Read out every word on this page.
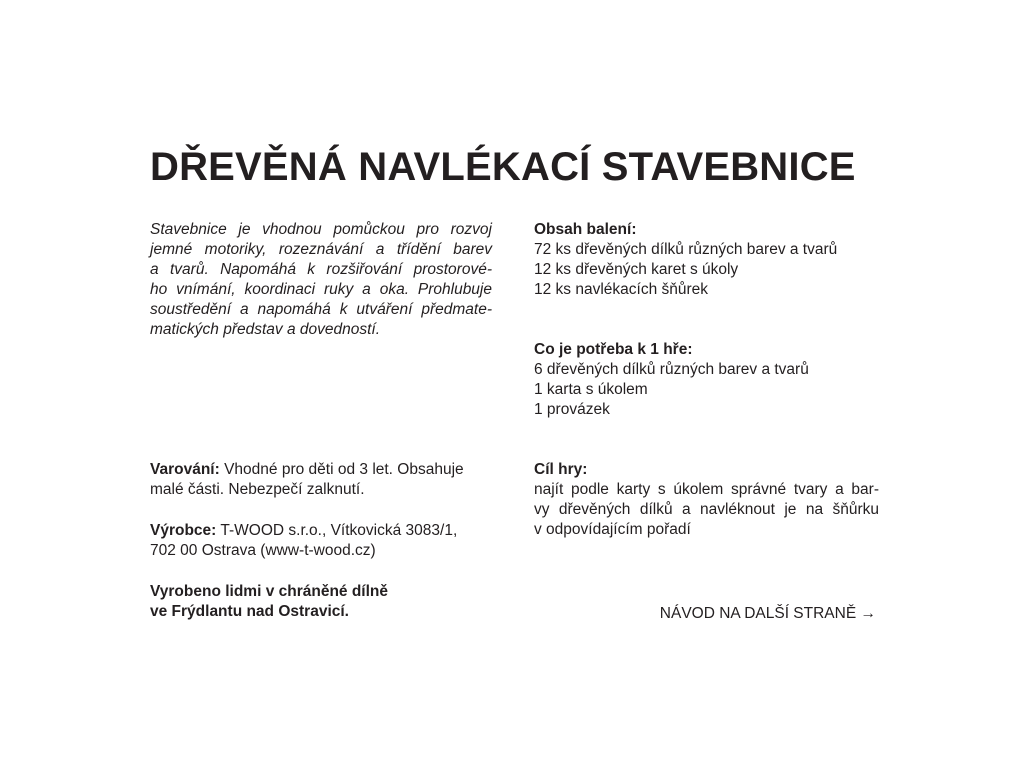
DŘEVĚNÁ NAVLÉKACÍ STAVEBNICE

Stavebnice je vhodnou pomůckou pro rozvoj
jemné motoriky, rozeznávání a třídění barev
a tvarů. Napomáhá k rozšiřování prostorové-
ho vnímání, koordinaci ruky a oka. Prohlubuje
soustředění a napomáhá k utváření předmate-
matických představ a dovedností.

Obsah balení:
72 ks dřevěných dílků různých barev a tvarů
12 ks dřevěných karet s úkoly
12 ks navlékacích šňůrek
Co je potřeba k 1 hře:
6 dřevěných dílků různých barev a tvarů
1 karta s úkolem
1 provázek
Varování: Vhodné pro děti od 3 let. Obsahuje
malé části. Nebezpečí zalknutí.
Výrobce: T-WOOD s.r.o., Vítkovická 3083/1,
702 00 Ostrava (www-t-wood.cz)
Vyrobeno lidmi v chráněné dílně
ve Frýdlantu nad Ostravicí.
Cíl hry:
najít podle karty s úkolem správné tvary a bar-
vy dřevěných dílků a navléknout je na šňůrku
v odpovídajícím pořadí

NÁVOD NA DALŠÍ STRANĚ →
